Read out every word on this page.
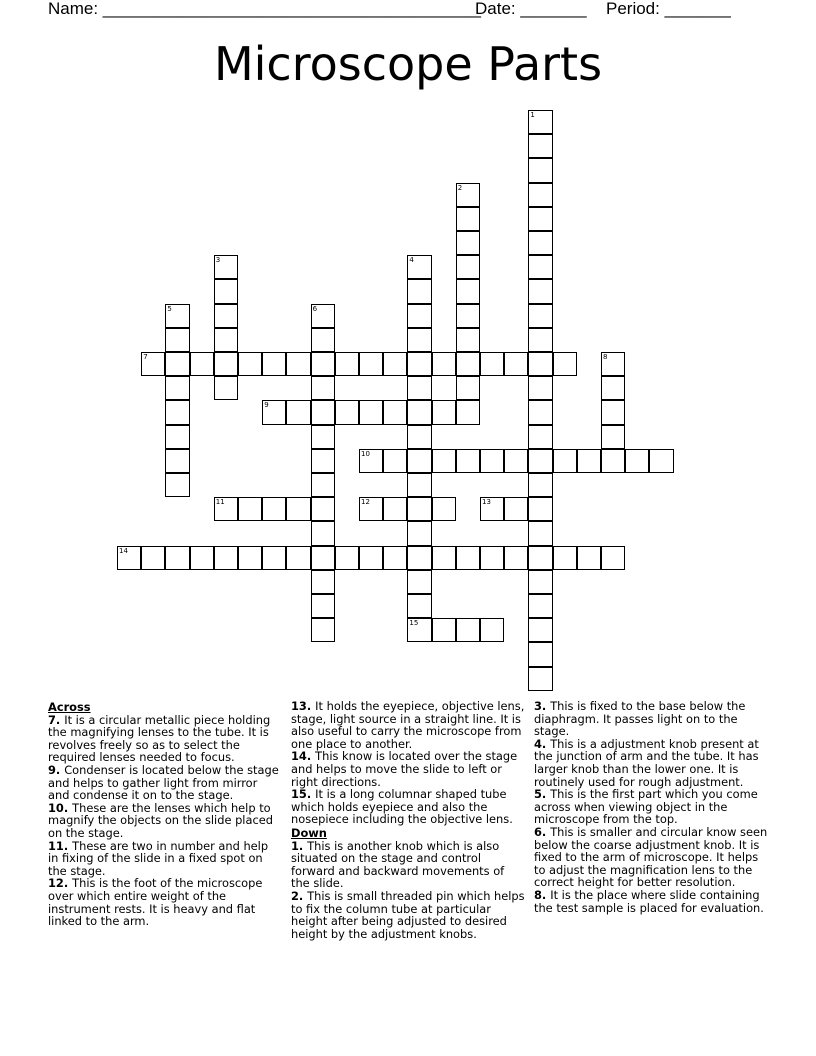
Name: ________________________________________
Date: _______ Period: _______
Microscope Parts
1
2
3	4
15
5	6
7	8
9
10
11	12	13
14
Across
7. It is a circular metallic piece holding the magnifying lenses to the tube. It is revolves freely so as to select the required lenses needed to focus.
9. Condenser is located below the stage and helps to gather light from mirror and condense it on to the stage.
10. These are the lenses which help to magnify the objects on the slide placed on the stage.
11. These are two in number and help in fixing of the slide in a fixed spot on the stage.
12. This is the foot of the microscope over which entire weight of the instrument rests. It is heavy and flat linked to the arm.
13. It holds the eyepiece, objective lens, stage, light source in a straight line. It is also useful to carry the microscope from one place to another.
14. This know is located over the stage and helps to move the slide to left or right directions.
15. It is a long columnar shaped tube which holds eyepiece and also the nosepiece including the objective lens.
Down
1. This is another knob which is also situated on the stage and control forward and backward movements of the slide.
2. This is small threaded pin which helps to fix the column tube at particular height after being adjusted to desired height by the adjustment knobs.
3. This is fixed to the base below the diaphragm. It passes light on to the stage.
4. This is a adjustment knob present at the junction of arm and the tube. It has larger knob than the lower one. It is routinely used for rough adjustment.
5. This is the first part which you come across when viewing object in the microscope from the top.
6. This is smaller and circular know seen below the coarse adjustment knob. It is fixed to the arm of microscope. It helps to adjust the magnification lens to the correct height for better resolution.
8. It is the place where slide containing the test sample is placed for evaluation.
